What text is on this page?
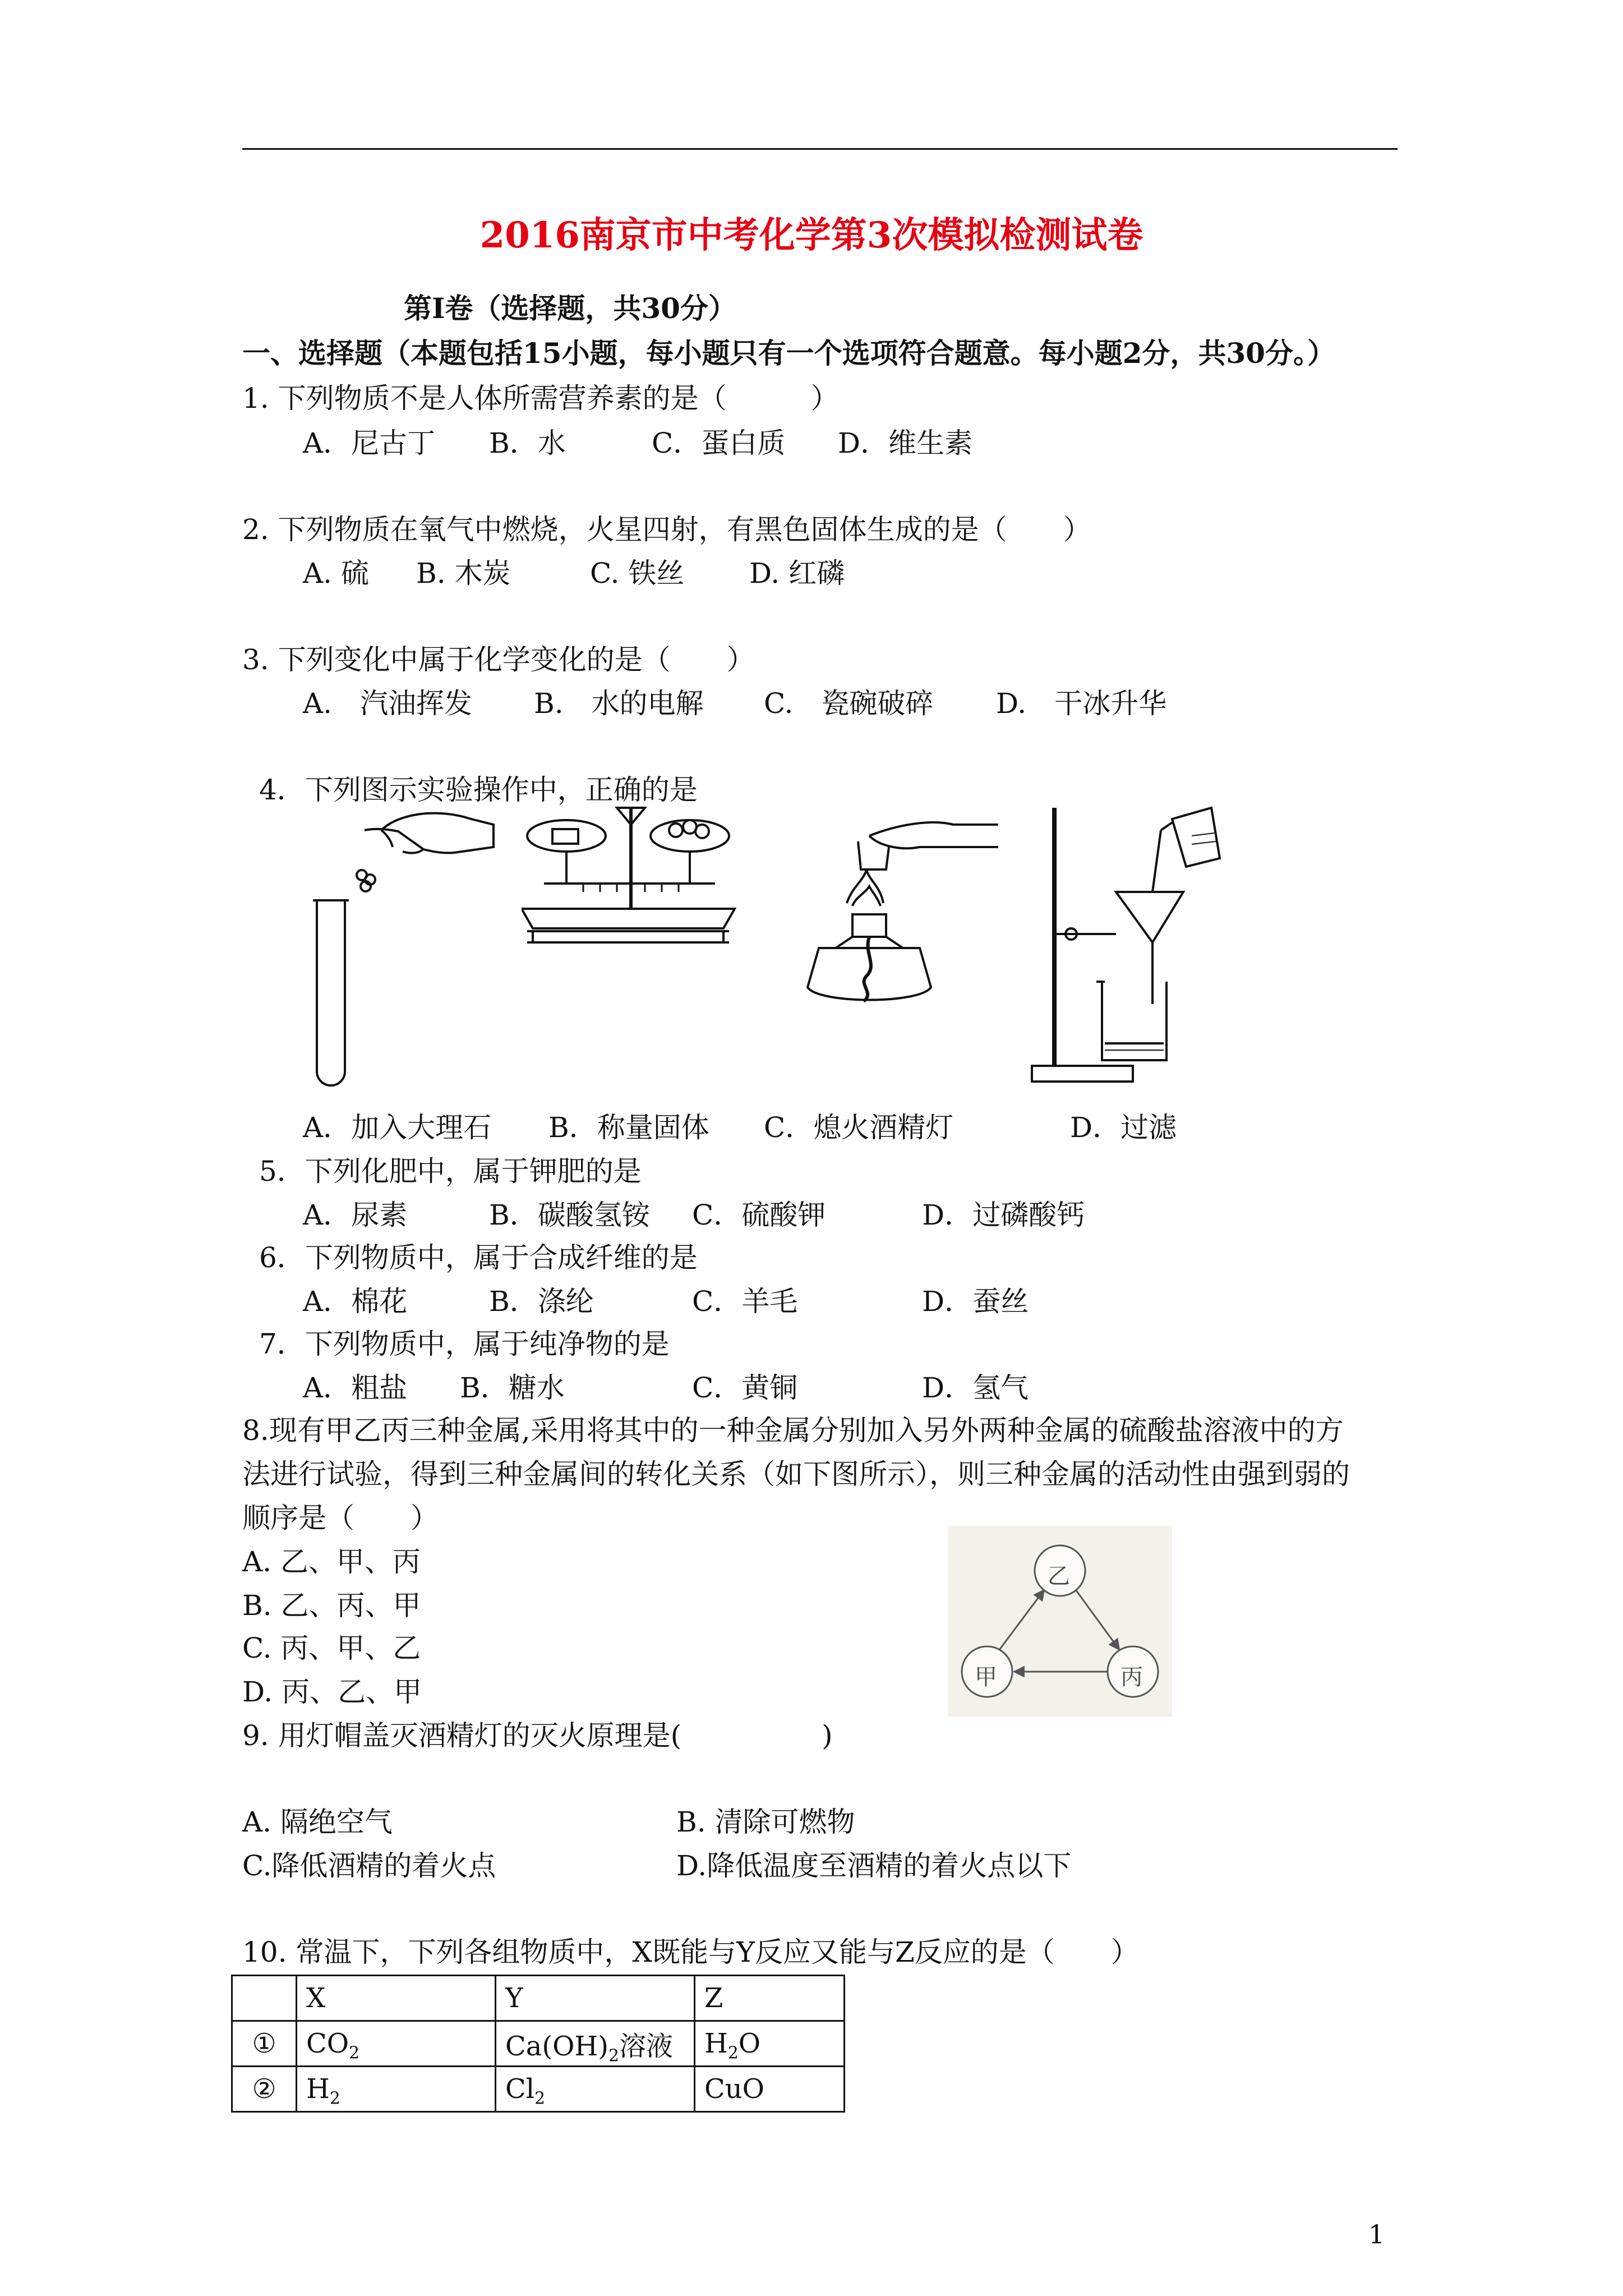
2016南京市中考化学第3次模拟检测试卷
第Ⅰ卷（选择题，共30分）
一、选择题（本题包括15小题，每小题只有一个选项符合题意。每小题2分，共30分。）
1. 下列物质不是人体所需营养素的是（　　　）
A．尼古丁 B．水	C．蛋白质 D．维生素
2. 下列物质在氧气中燃烧，火星四射，有黑色固体生成的是（　　）
A. 硫 B. 木炭	C. 铁丝 D. 红磷
3. 下列变化中属于化学变化的是（　　）
A.　汽油挥发 B.　水的电解 C.　瓷碗破碎 D.　干冰升华
4．下列图示实验操作中，正确的是
A．加入大理石 B．称量固体 C．熄火酒精灯	D．过滤
5．下列化肥中，属于钾肥的是
A．尿素	B．碳酸氢铵 C．硫酸钾	D．过磷酸钙
6．下列物质中，属于合成纤维的是
A．棉花	B．涤纶	C．羊毛	D．蚕丝
7．下列物质中，属于纯净物的是
A．粗盐 B．糖水	C．黄铜	D．氢气
8.现有甲乙丙三种金属,采用将其中的一种金属分别加入另外两种金属的硫酸盐溶液中的方
法进行试验，得到三种金属间的转化关系（如下图所示），则三种金属的活动性由强到弱的
顺序是（　　）
A. 乙、甲、丙
B. 乙、丙、甲
C. 丙、甲、乙
D. 丙、乙、甲
乙
甲	丙
9. 用灯帽盖灭酒精灯的灭火原理是(　　　　　)
A. 隔绝空气	B. 清除可燃物
C.降低酒精的着火点	D.降低温度至酒精的着火点以下
10. 常温下，下列各组物质中，X既能与Y反应又能与Z反应的是（　　）
	X	Y	Z
①	$CO_2$	$Ca(OH)_2$溶液	$H_2O$
②	$H_2$	$Cl_2$	CuO
1
